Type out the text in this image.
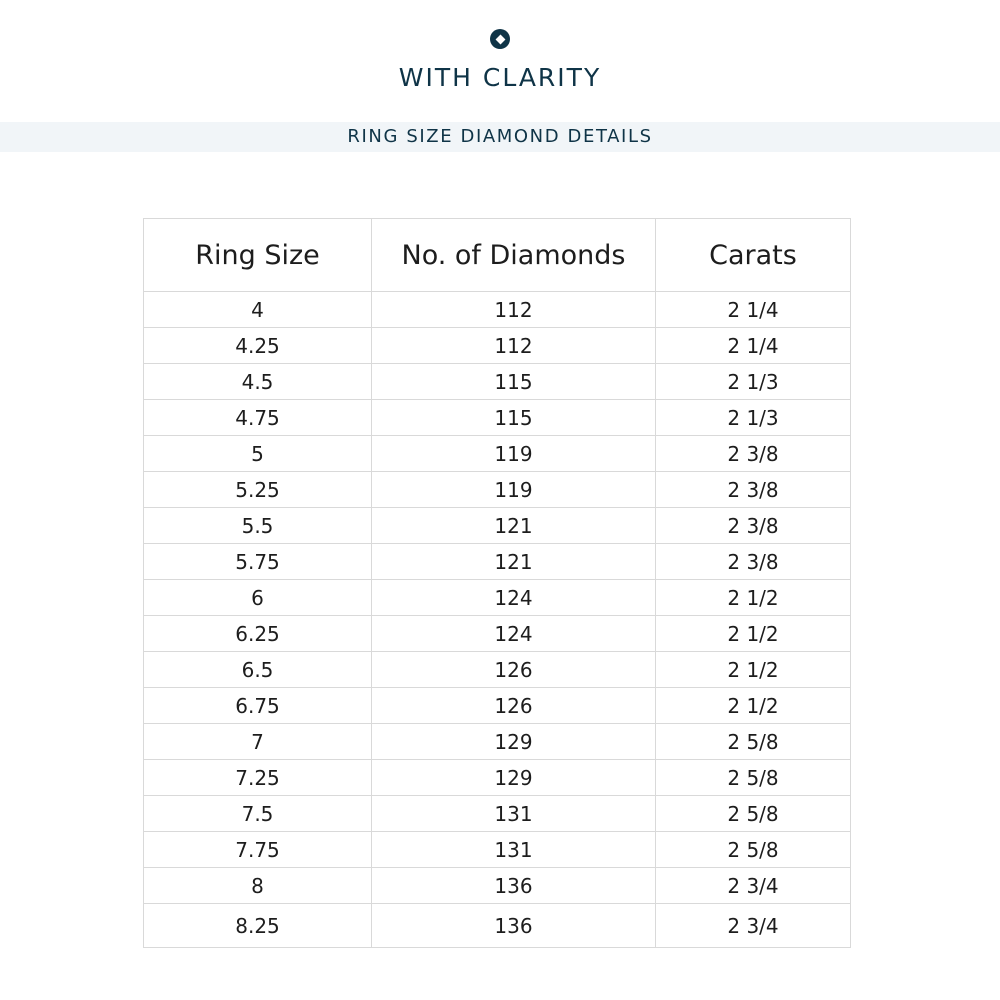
WITH CLARITY
RING SIZE DIAMOND DETAILS
Ring Size	No. of Diamonds	Carats
4	112	2 1/4
4.25	112	2 1/4
4.5	115	2 1/3
4.75	115	2 1/3
5	119	2 3/8
5.25	119	2 3/8
5.5	121	2 3/8
5.75	121	2 3/8
6	124	2 1/2
6.25	124	2 1/2
6.5	126	2 1/2
6.75	126	2 1/2
7	129	2 5/8
7.25	129	2 5/8
7.5	131	2 5/8
7.75	131	2 5/8
8	136	2 3/4
8.25	136	2 3/4
